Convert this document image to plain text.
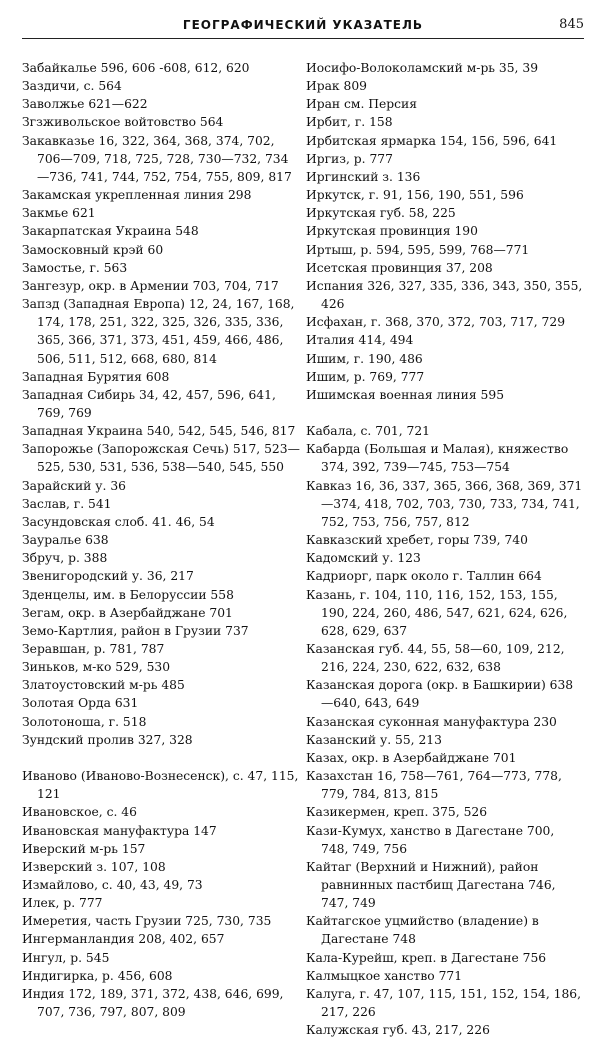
ГЕОГРАФИЧЕСКИЙ УКАЗАТЕЛЬ	845

Забайкалье 596, 606 -608, 612, 620

Заздичи, с. 564

Заволжье 621—622

Згзживольское войтовство 564

Закавказье 16, 322, 364, 368, 374, 702, 706—709, 718, 725, 728, 730—732, 734—736, 741, 744, 752, 754, 755, 809, 817

Закамская укрепленная линия 298

Закмье 621

Закарпатская Украина 548

Замосковный крэй 60

Замостье, г. 563

Зангезур, окр. в Армении 703, 704, 717

Запзд (Западная Европа) 12, 24, 167, 168, 174, 178, 251, 322, 325, 326, 335, 336, 365, 366, 371, 373, 451, 459, 466, 486, 506, 511, 512, 668, 680, 814

Западная Бурятия 608

Западная Сибирь 34, 42, 457, 596, 641, 769, 769

Западная Украина 540, 542, 545, 546, 817

Запорожье (Запорожская Сечь) 517, 523—525, 530, 531, 536, 538—540, 545, 550

Зарайский у. 36

Заслав, г. 541

Засундовская слоб. 41. 46, 54

Зауралье 638

Збруч, р. 388

Звенигородский у. 36, 217

Зденцелы, им. в Белоруссии 558

Зегам, окр. в Азербайджане 701

Земо-Картлия, район в Грузии 737

Зеравшан, р. 781, 787

Зиньков, м-ко 529, 530

Златоустовский м-рь 485

Золотая Орда 631

Золотоноша, г. 518

Зундский пролив 327, 328

Иваново (Иваново-Вознесенск), с. 47, 115, 121

Ивановское, с. 46

Ивановская мануфактура 147

Иверский м-рь 157

Изверский з. 107, 108

Измайлово, с. 40, 43, 49, 73

Илек, р. 777

Имеретия, часть Грузии 725, 730, 735

Ингерманландия 208, 402, 657

Ингул, р. 545

Индигирка, р. 456, 608

Индия 172, 189, 371, 372, 438, 646, 699, 707, 736, 797, 807, 809

Иосифо-Волоколамский м-рь 35, 39

Ирак 809

Иран см. Персия

Ирбит, г. 158

Ирбитская ярмарка 154, 156, 596, 641

Иргиз, р. 777

Иргинский з. 136

Иркутск, г. 91, 156, 190, 551, 596

Иркутская губ. 58, 225

Иркутская провинция 190

Иртыш, р. 594, 595, 599, 768—771

Исетская провинция 37, 208

Испания 326, 327, 335, 336, 343, 350, 355, 426

Исфахан, г. 368, 370, 372, 703, 717, 729

Италия 414, 494

Ишим, г. 190, 486

Ишим, р. 769, 777

Ишимская военная линия 595

Кабала, с. 701, 721

Кабарда (Большая и Малая), княжество 374, 392, 739—745, 753—754

Кавказ 16, 36, 337, 365, 366, 368, 369, 371—374, 418, 702, 703, 730, 733, 734, 741, 752, 753, 756, 757, 812

Кавказский хребет, горы 739, 740

Кадомский у. 123

Кадриорг, парк около г. Таллин 664

Казань, г. 104, 110, 116, 152, 153, 155, 190, 224, 260, 486, 547, 621, 624, 626, 628, 629, 637

Казанская губ. 44, 55, 58—60, 109, 212, 216, 224, 230, 622, 632, 638

Казанская дорога (окр. в Башкирии) 638—640, 643, 649

Казанская суконная мануфактура 230

Казанский у. 55, 213

Казах, окр. в Азербайджане 701

Казахстан 16, 758—761, 764—773, 778, 779, 784, 813, 815

Казикермен, креп. 375, 526

Кази-Кумух, ханство в Дагестане 700, 748, 749, 756

Кайтаг (Верхний и Нижний), район равнинных пастбищ Дагестана 746, 747, 749

Кайтагское уцмийство (владение) в Дагестане 748

Кала-Курейш, креп. в Дагестане 756

Калмыцкое ханство 771

Калуга, г. 47, 107, 115, 151, 152, 154, 186, 217, 226

Калужская губ. 43, 217, 226
